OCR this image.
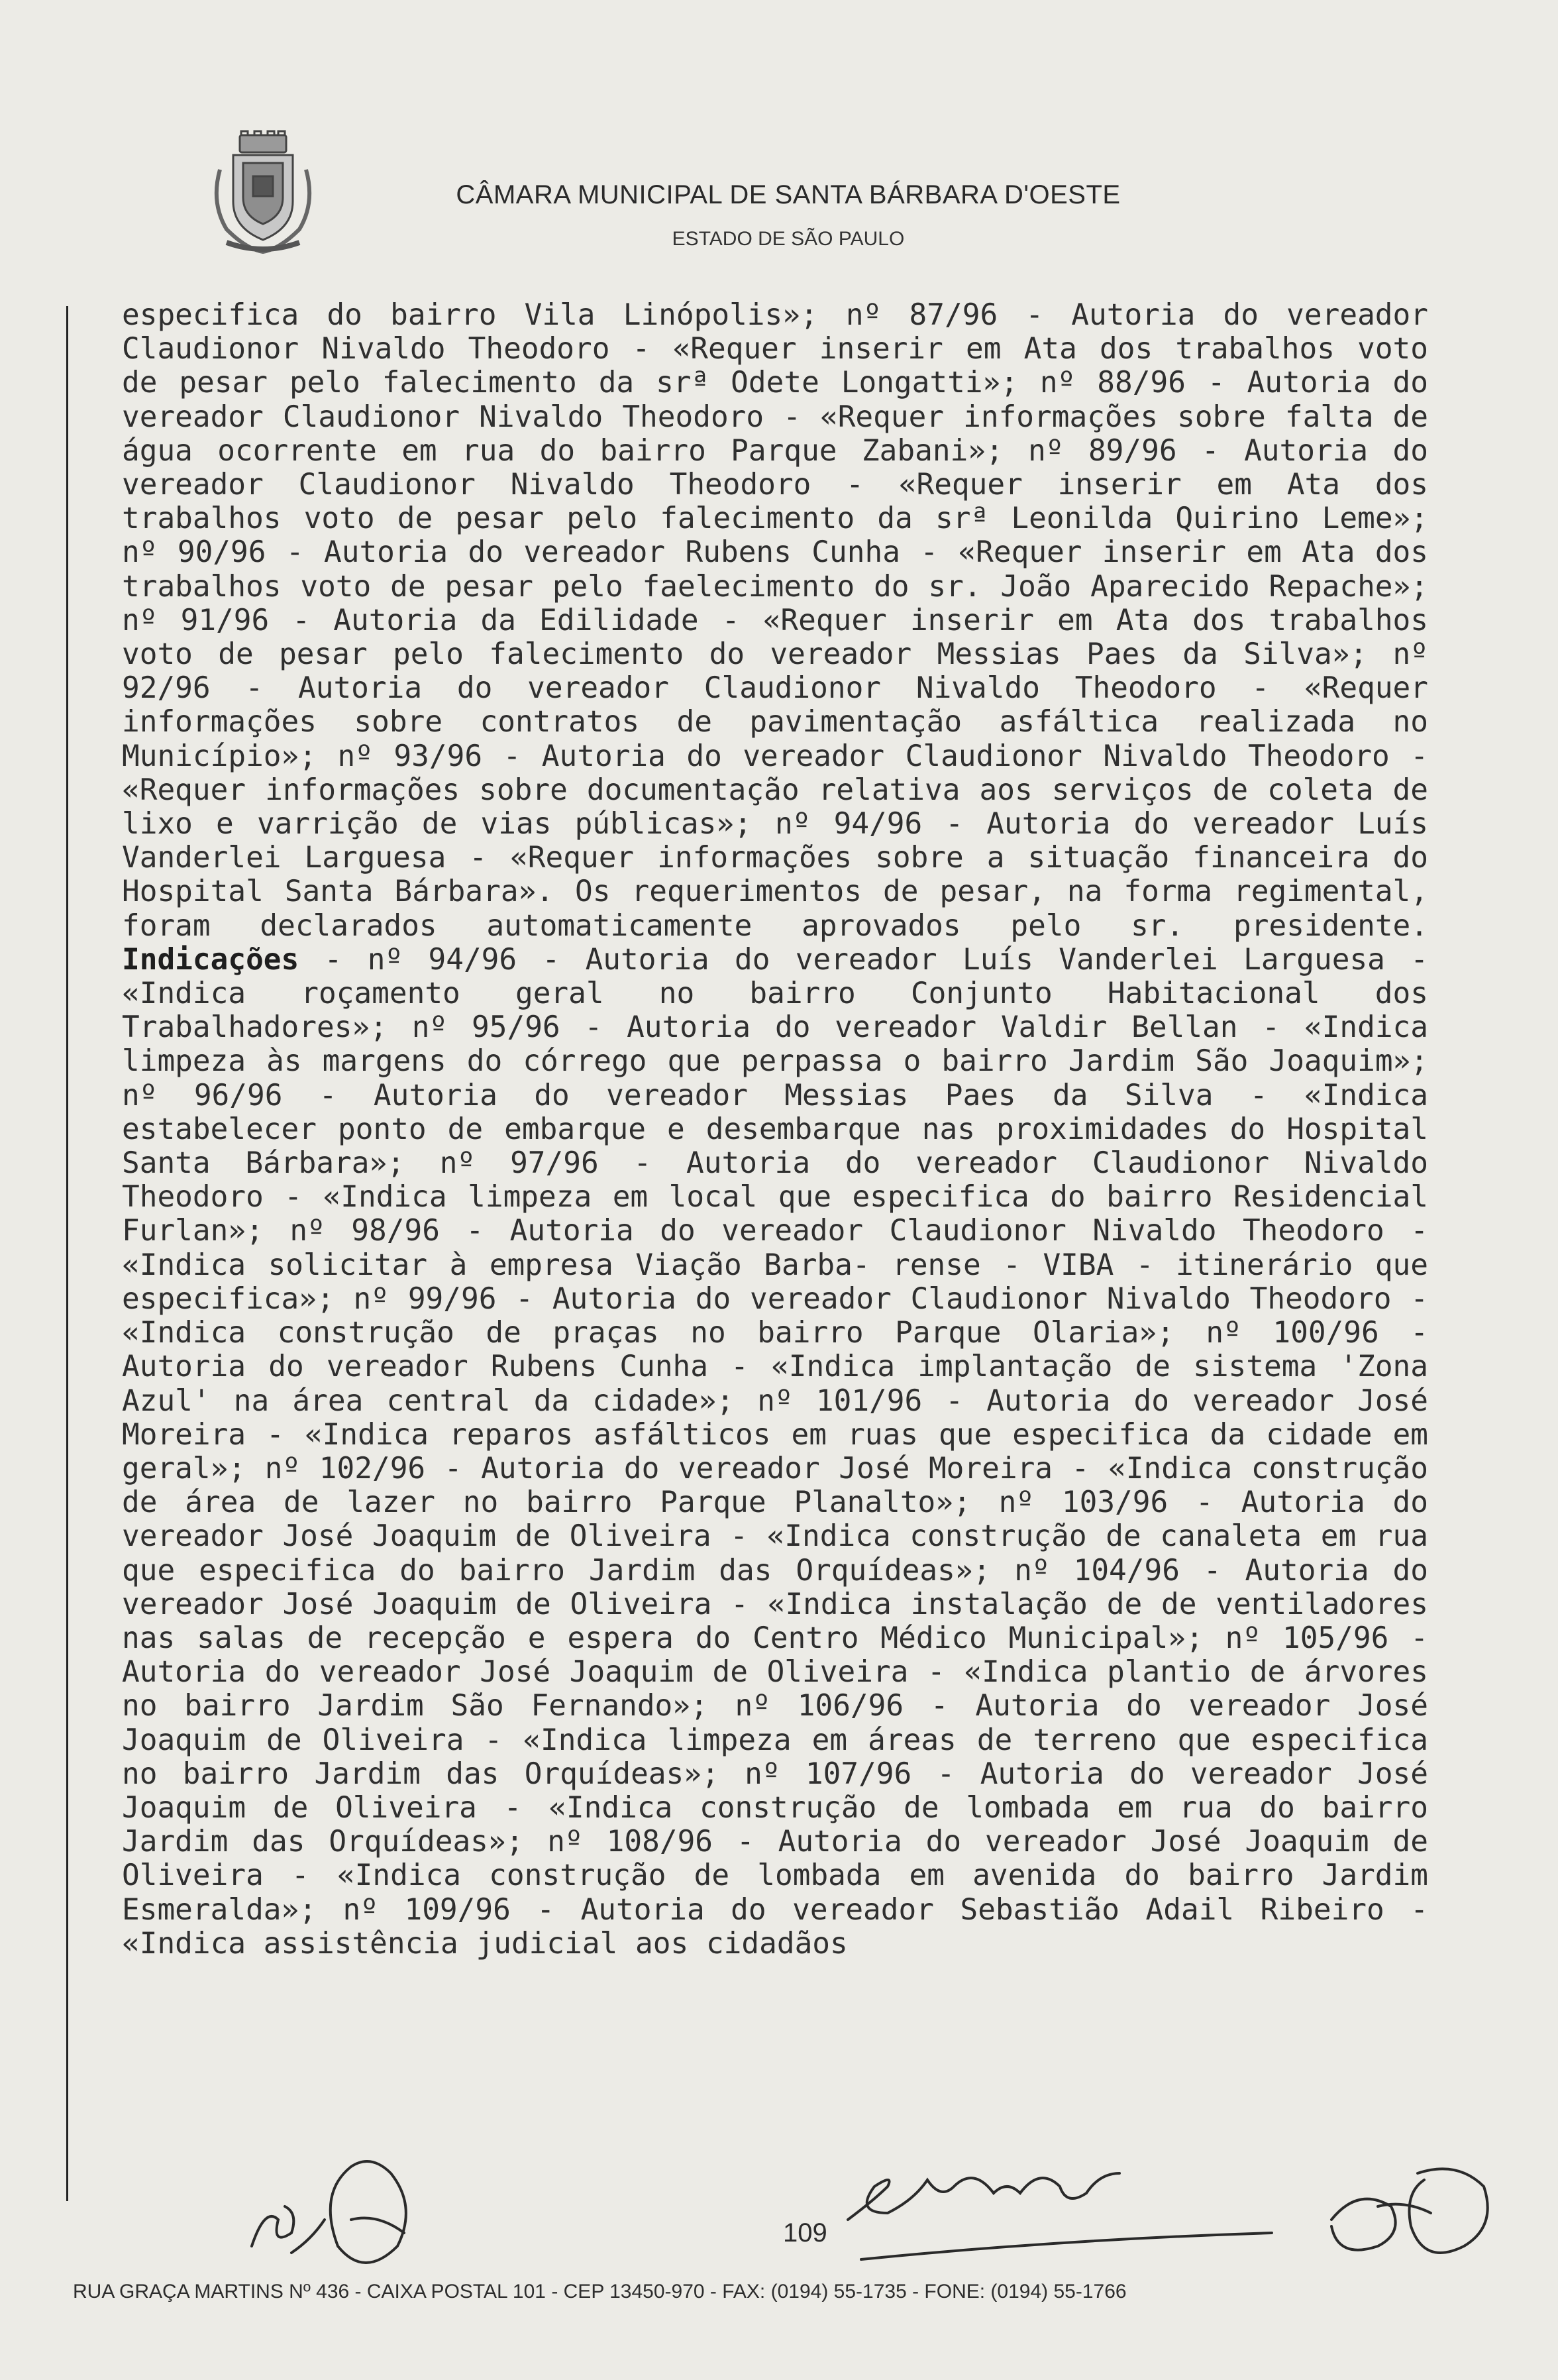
CÂMARA MUNICIPAL DE SANTA BÁRBARA D'OESTE
ESTADO DE SÃO PAULO
especifica do bairro Vila Linópolis»; nº 87/96 - Autoria do vereador Claudionor Nivaldo Theodoro - «Requer inserir em Ata dos trabalhos voto de pesar pelo falecimento da srª Odete Longatti»; nº 88/96 - Autoria do vereador Claudionor Nivaldo Theodoro - «Requer informações sobre falta de água ocorrente em rua do bairro Parque Zabani»; nº 89/96 - Autoria do vereador Claudionor Nivaldo Theodoro - «Requer inserir em Ata dos trabalhos voto de pesar pelo falecimento da srª Leonilda Quirino Leme»; nº 90/96 - Autoria do vereador Rubens Cunha - «Requer inserir em Ata dos trabalhos voto de pesar pelo faelecimento do sr. João Aparecido Repache»; nº 91/96 - Autoria da Edilidade - «Requer inserir em Ata dos trabalhos voto de pesar pelo falecimento do vereador Messias Paes da Silva»; nº 92/96 - Autoria do vereador Claudionor Nivaldo Theodoro - «Requer informações sobre contratos de pavimentação asfáltica realizada no Município»; nº 93/96 - Autoria do vereador Claudionor Nivaldo Theodoro - «Requer informações sobre documentação relativa aos serviços de coleta de lixo e varrição de vias públicas»; nº 94/96 - Autoria do vereador Luís Vanderlei Larguesa - «Requer informações sobre a situação financeira do Hospital Santa Bárbara». Os requerimentos de pesar, na forma regimental, foram declarados automaticamente aprovados pelo sr. presidente. Indicações - nº 94/96 - Autoria do vereador Luís Vanderlei Larguesa - «Indica roçamento geral no bairro Conjunto Habitacional dos Trabalhadores»; nº 95/96 - Autoria do vereador Valdir Bellan - «Indica limpeza às margens do córrego que perpassa o bairro Jardim São Joaquim»; nº 96/96 - Autoria do vereador Messias Paes da Silva - «Indica estabelecer ponto de embarque e desembarque nas proximidades do Hospital Santa Bárbara»; nº 97/96 - Autoria do vereador Claudionor Nivaldo Theodoro - «Indica limpeza em local que especifica do bairro Residencial Furlan»; nº 98/96 - Autoria do vereador Claudionor Nivaldo Theodoro - «Indica solicitar à empresa Viação Barba- rense - VIBA - itinerário que especifica»; nº 99/96 - Autoria do vereador Claudionor Nivaldo Theodoro - «Indica construção de praças no bairro Parque Olaria»; nº 100/96 - Autoria do vereador Rubens Cunha - «Indica implantação de sistema 'Zona Azul' na área central da cidade»; nº 101/96 - Autoria do vereador José Moreira - «Indica reparos asfálticos em ruas que especifica da cidade em geral»; nº 102/96 - Autoria do vereador José Moreira - «Indica construção de área de lazer no bairro Parque Planalto»; nº 103/96 - Autoria do vereador José Joaquim de Oliveira - «Indica construção de canaleta em rua que especifica do bairro Jardim das Orquídeas»; nº 104/96 - Autoria do vereador José Joaquim de Oliveira - «Indica instalação de de ventiladores nas salas de recepção e espera do Centro Médico Municipal»; nº 105/96 - Autoria do vereador José Joaquim de Oliveira - «Indica plantio de árvores no bairro Jardim São Fernando»; nº 106/96 - Autoria do vereador José Joaquim de Oliveira - «Indica limpeza em áreas de terreno que especifica no bairro Jardim das Orquídeas»; nº 107/96 - Autoria do vereador José Joaquim de Oliveira - «Indica construção de lombada em rua do bairro Jardim das Orquídeas»; nº 108/96 - Autoria do vereador José Joaquim de Oliveira - «Indica construção de lombada em avenida do bairro Jardim Esmeralda»; nº 109/96 - Autoria do vereador Sebastião Adail Ribeiro - «Indica assistência judicial aos cidadãos
109
RUA GRAÇA MARTINS Nº 436 - CAIXA POSTAL 101 - CEP 13450-970 - FAX: (0194) 55-1735 - FONE: (0194) 55-1766
